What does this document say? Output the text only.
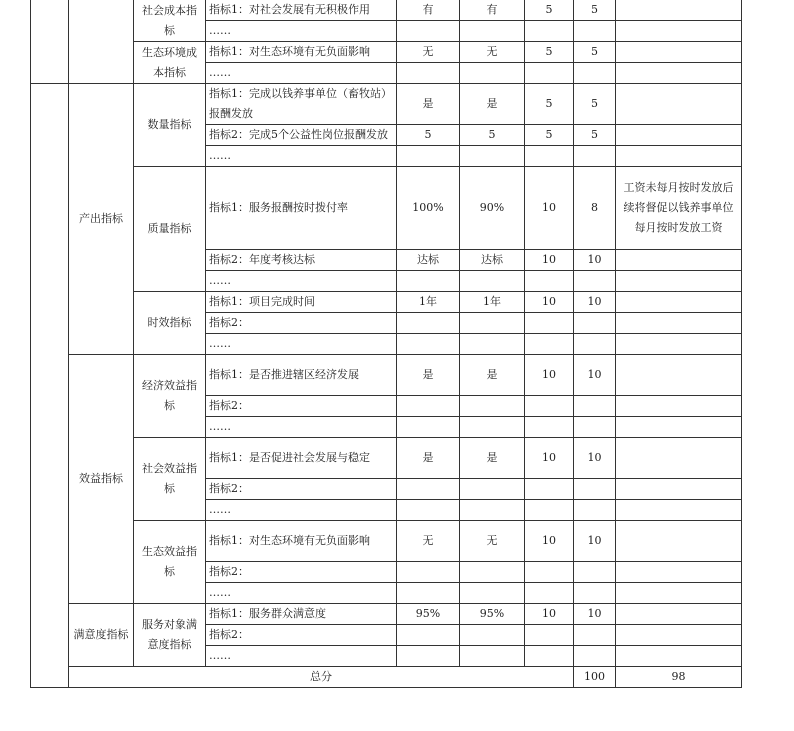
		社会成本指标	指标1：对社会发展有无积极作用	有	有	5	5		
			……						
		生态环境成本指标	指标1：对生态环境有无负面影响	无	无	5	5		
			……						
	产出指标	数量指标	指标1：完成以钱养事单位（畜牧站）报酬发放	是	是	5	5		
			指标2：完成5个公益性岗位报酬发放	5	5	5	5		
			……						
		质量指标	指标1：服务报酬按时拨付率	100%	90%	10	8	工资未每月按时发放后续将督促以钱养事单位每月按时发放工资	
			指标2：年度考核达标	达标	达标	10	10		
			……						
		时效指标	指标1：项目完成时间	1年	1年	10	10		
			指标2：						
			……						
	效益指标	经济效益指标	指标1：是否推进辖区经济发展	是	是	10	10		
			指标2：						
			……						
		社会效益指标	指标1：是否促进社会发展与稳定	是	是	10	10		
			指标2：						
			……						
		生态效益指标	指标1：对生态环境有无负面影响	无	无	10	10		
			指标2：						
			……						
	满意度指标	服务对象满意度指标	指标1：服务群众满意度	95%	95%	10	10		
			指标2：						
			……						
	总分						100	98	
